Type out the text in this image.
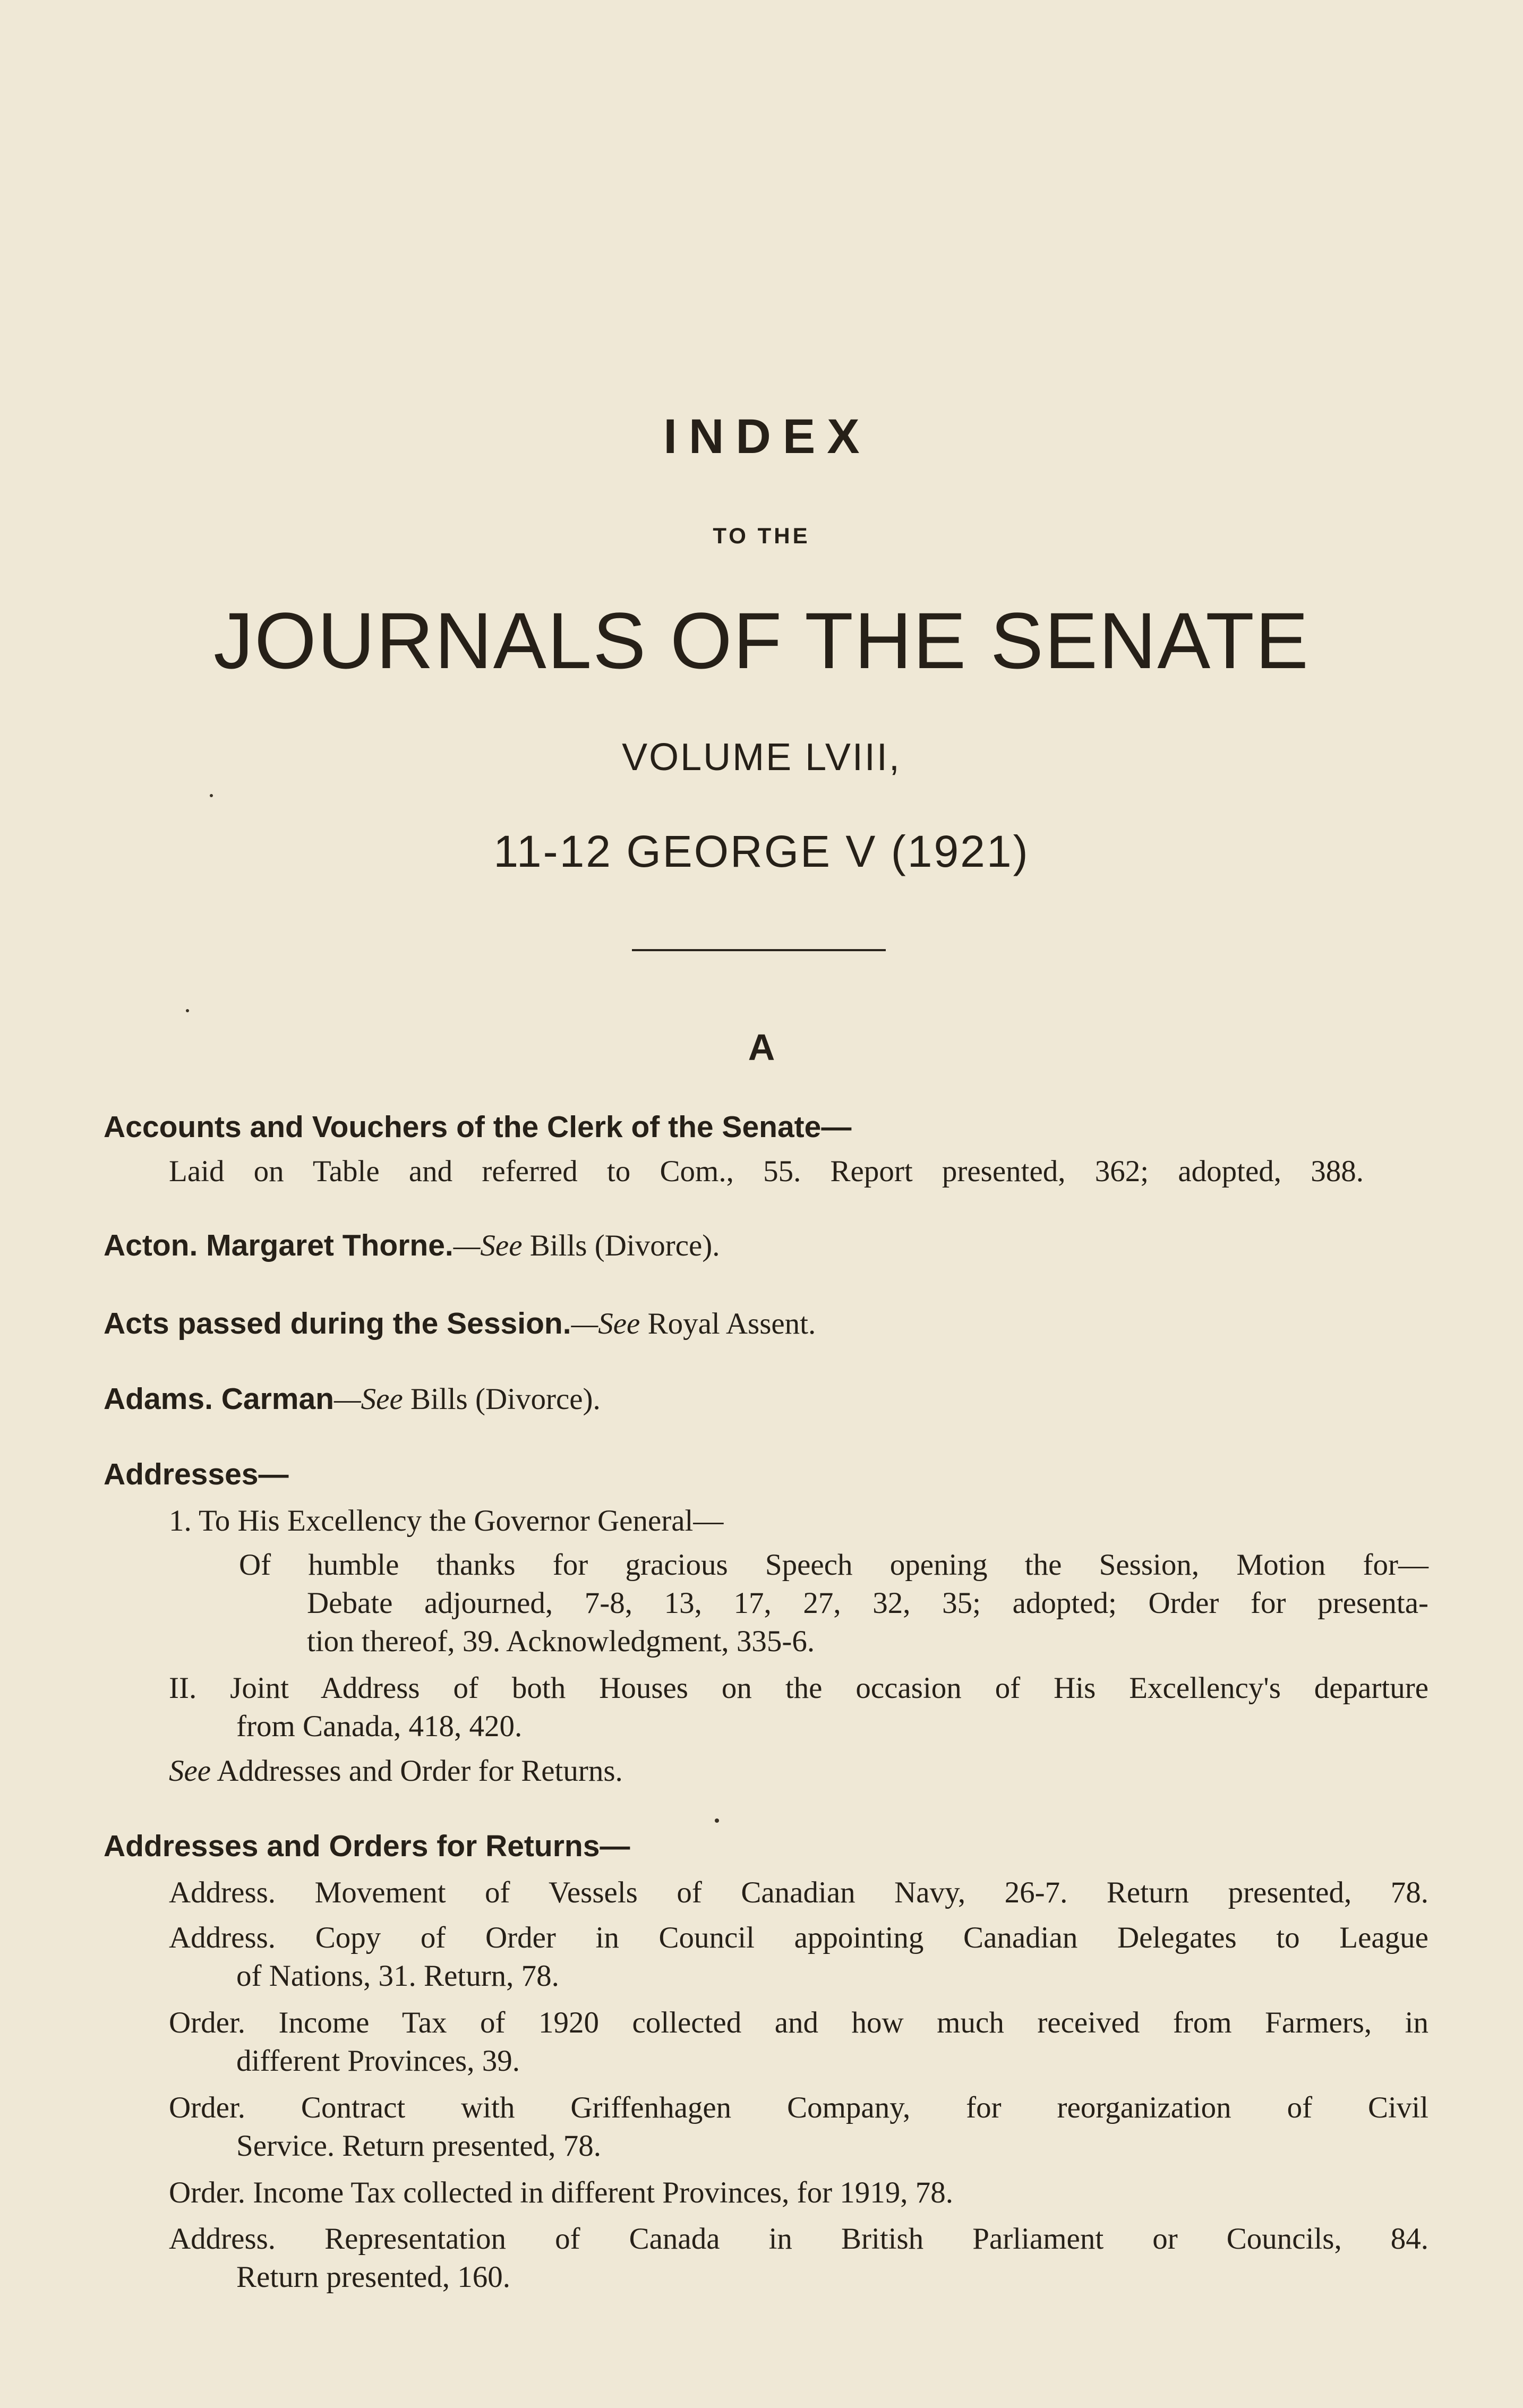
INDEX
TO THE
JOURNALS OF THE SENATE
VOLUME LVIII,
11-12 GEORGE V (1921)
A
Accounts and Vouchers of the Clerk of the Senate—
Laid on Table and referred to Com., 55. Report presented, 362; adopted, 388.
Acton. Margaret Thorne.—See Bills (Divorce).
Acts passed during the Session.—See Royal Assent.
Adams. Carman—See Bills (Divorce).
Addresses—
1. To His Excellency the Governor General—
Of humble thanks for gracious Speech opening the Session, Motion for—
Debate adjourned, 7-8, 13, 17, 27, 32, 35; adopted; Order for presenta-
tion thereof, 39. Acknowledgment, 335-6.
II. Joint Address of both Houses on the occasion of His Excellency's departure
from Canada, 418, 420.
See Addresses and Order for Returns.
Addresses and Orders for Returns—
Address. Movement of Vessels of Canadian Navy, 26-7. Return presented, 78.
Address. Copy of Order in Council appointing Canadian Delegates to League
of Nations, 31. Return, 78.
Order. Income Tax of 1920 collected and how much received from Farmers, in
different Provinces, 39.
Order. Contract with Griffenhagen Company, for reorganization of Civil
Service. Return presented, 78.
Order. Income Tax collected in different Provinces, for 1919, 78.
Address. Representation of Canada in British Parliament or Councils, 84.
Return presented, 160.
